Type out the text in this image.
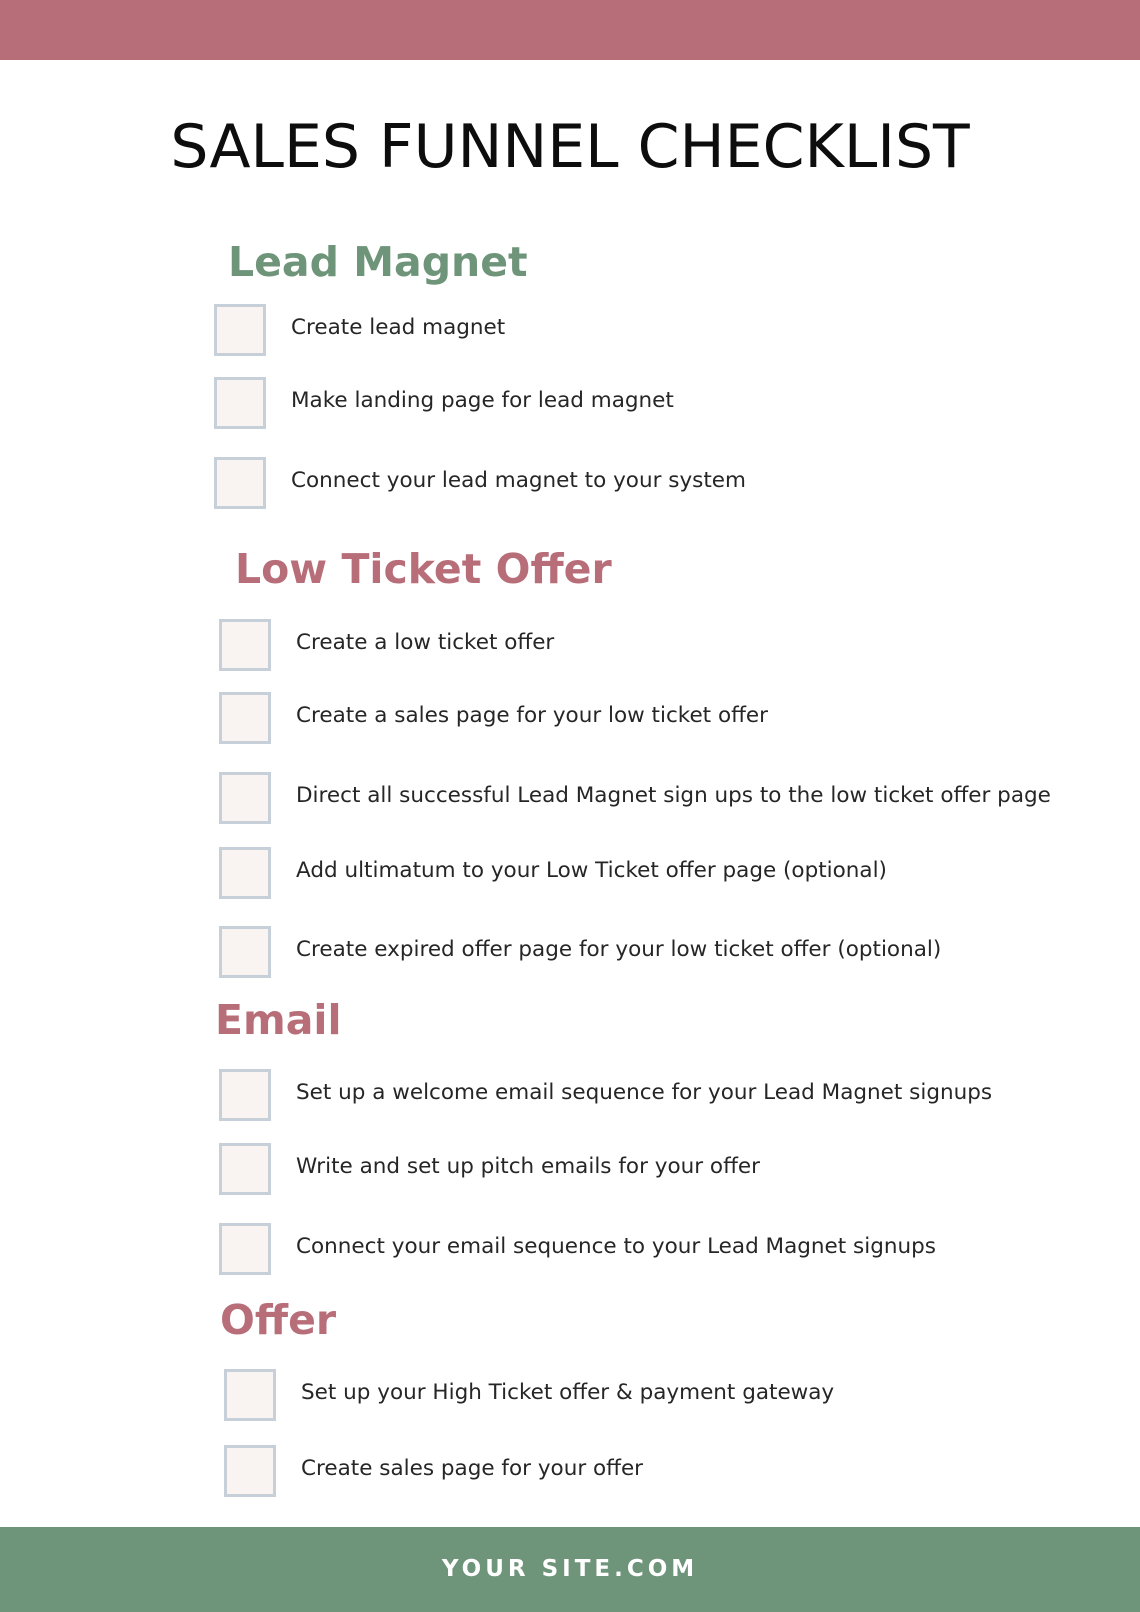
SALES FUNNEL CHECKLIST
Lead Magnet
Create lead magnet
Make landing page for lead magnet
Connect your lead magnet to your system
Low Ticket Offer
Create a low ticket offer
Create a sales page for your low ticket offer
Direct all successful Lead Magnet sign ups to the low ticket offer page
Add ultimatum to your Low Ticket offer page (optional)
Create expired offer page for your low ticket offer (optional)
Email
Set up a welcome email sequence for your Lead Magnet signups
Write and set up pitch emails for your offer
Connect your email sequence to your Lead Magnet signups
Offer
Set up your High Ticket offer & payment gateway
Create sales page for your offer
YOUR SITE.COM
